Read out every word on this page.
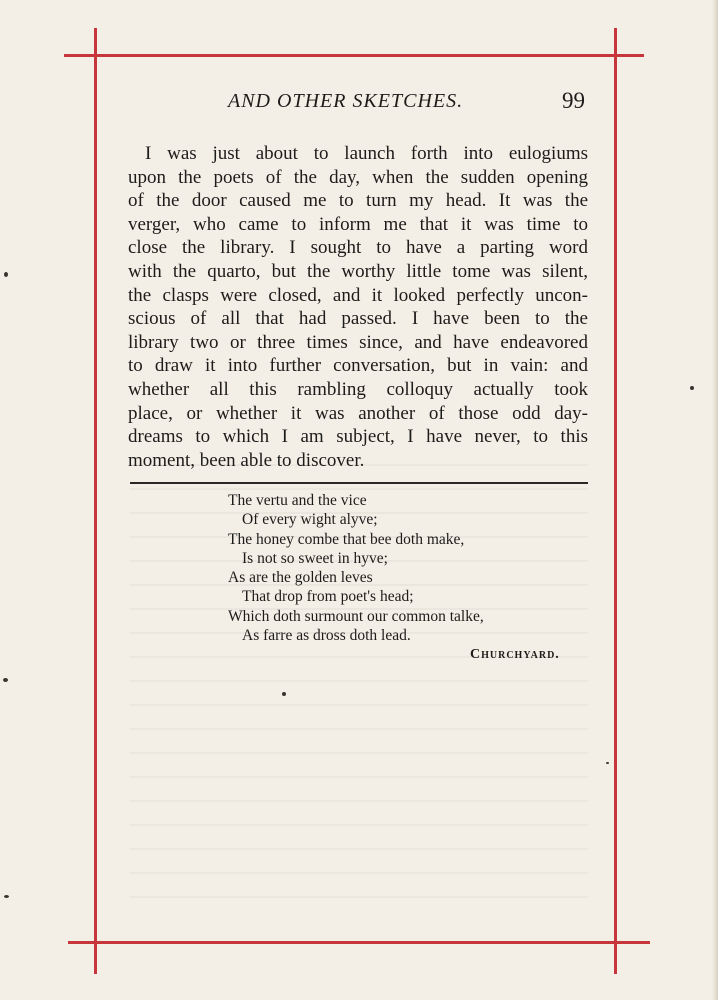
AND OTHER SKETCHES.	99
I was just about to launch forth into eulogiums
upon the poets of the day, when the sudden opening
of the door caused me to turn my head. It was the
verger, who came to inform me that it was time to
close the library. I sought to have a parting word
with the quarto, but the worthy little tome was silent,
the clasps were closed, and it looked perfectly uncon-
scious of all that had passed. I have been to the
library two or three times since, and have endeavored
to draw it into further conversation, but in vain: and
whether all this rambling colloquy actually took
place, or whether it was another of those odd day-
dreams to which I am subject, I have never, to this
moment, been able to discover.
The vertu and the vice
Of every wight alyve;
The honey combe that bee doth make,
Is not so sweet in hyve;
As are the golden leves
That drop from poet's head;
Which doth surmount our common talke,
As farre as dross doth lead.
Churchyard.
